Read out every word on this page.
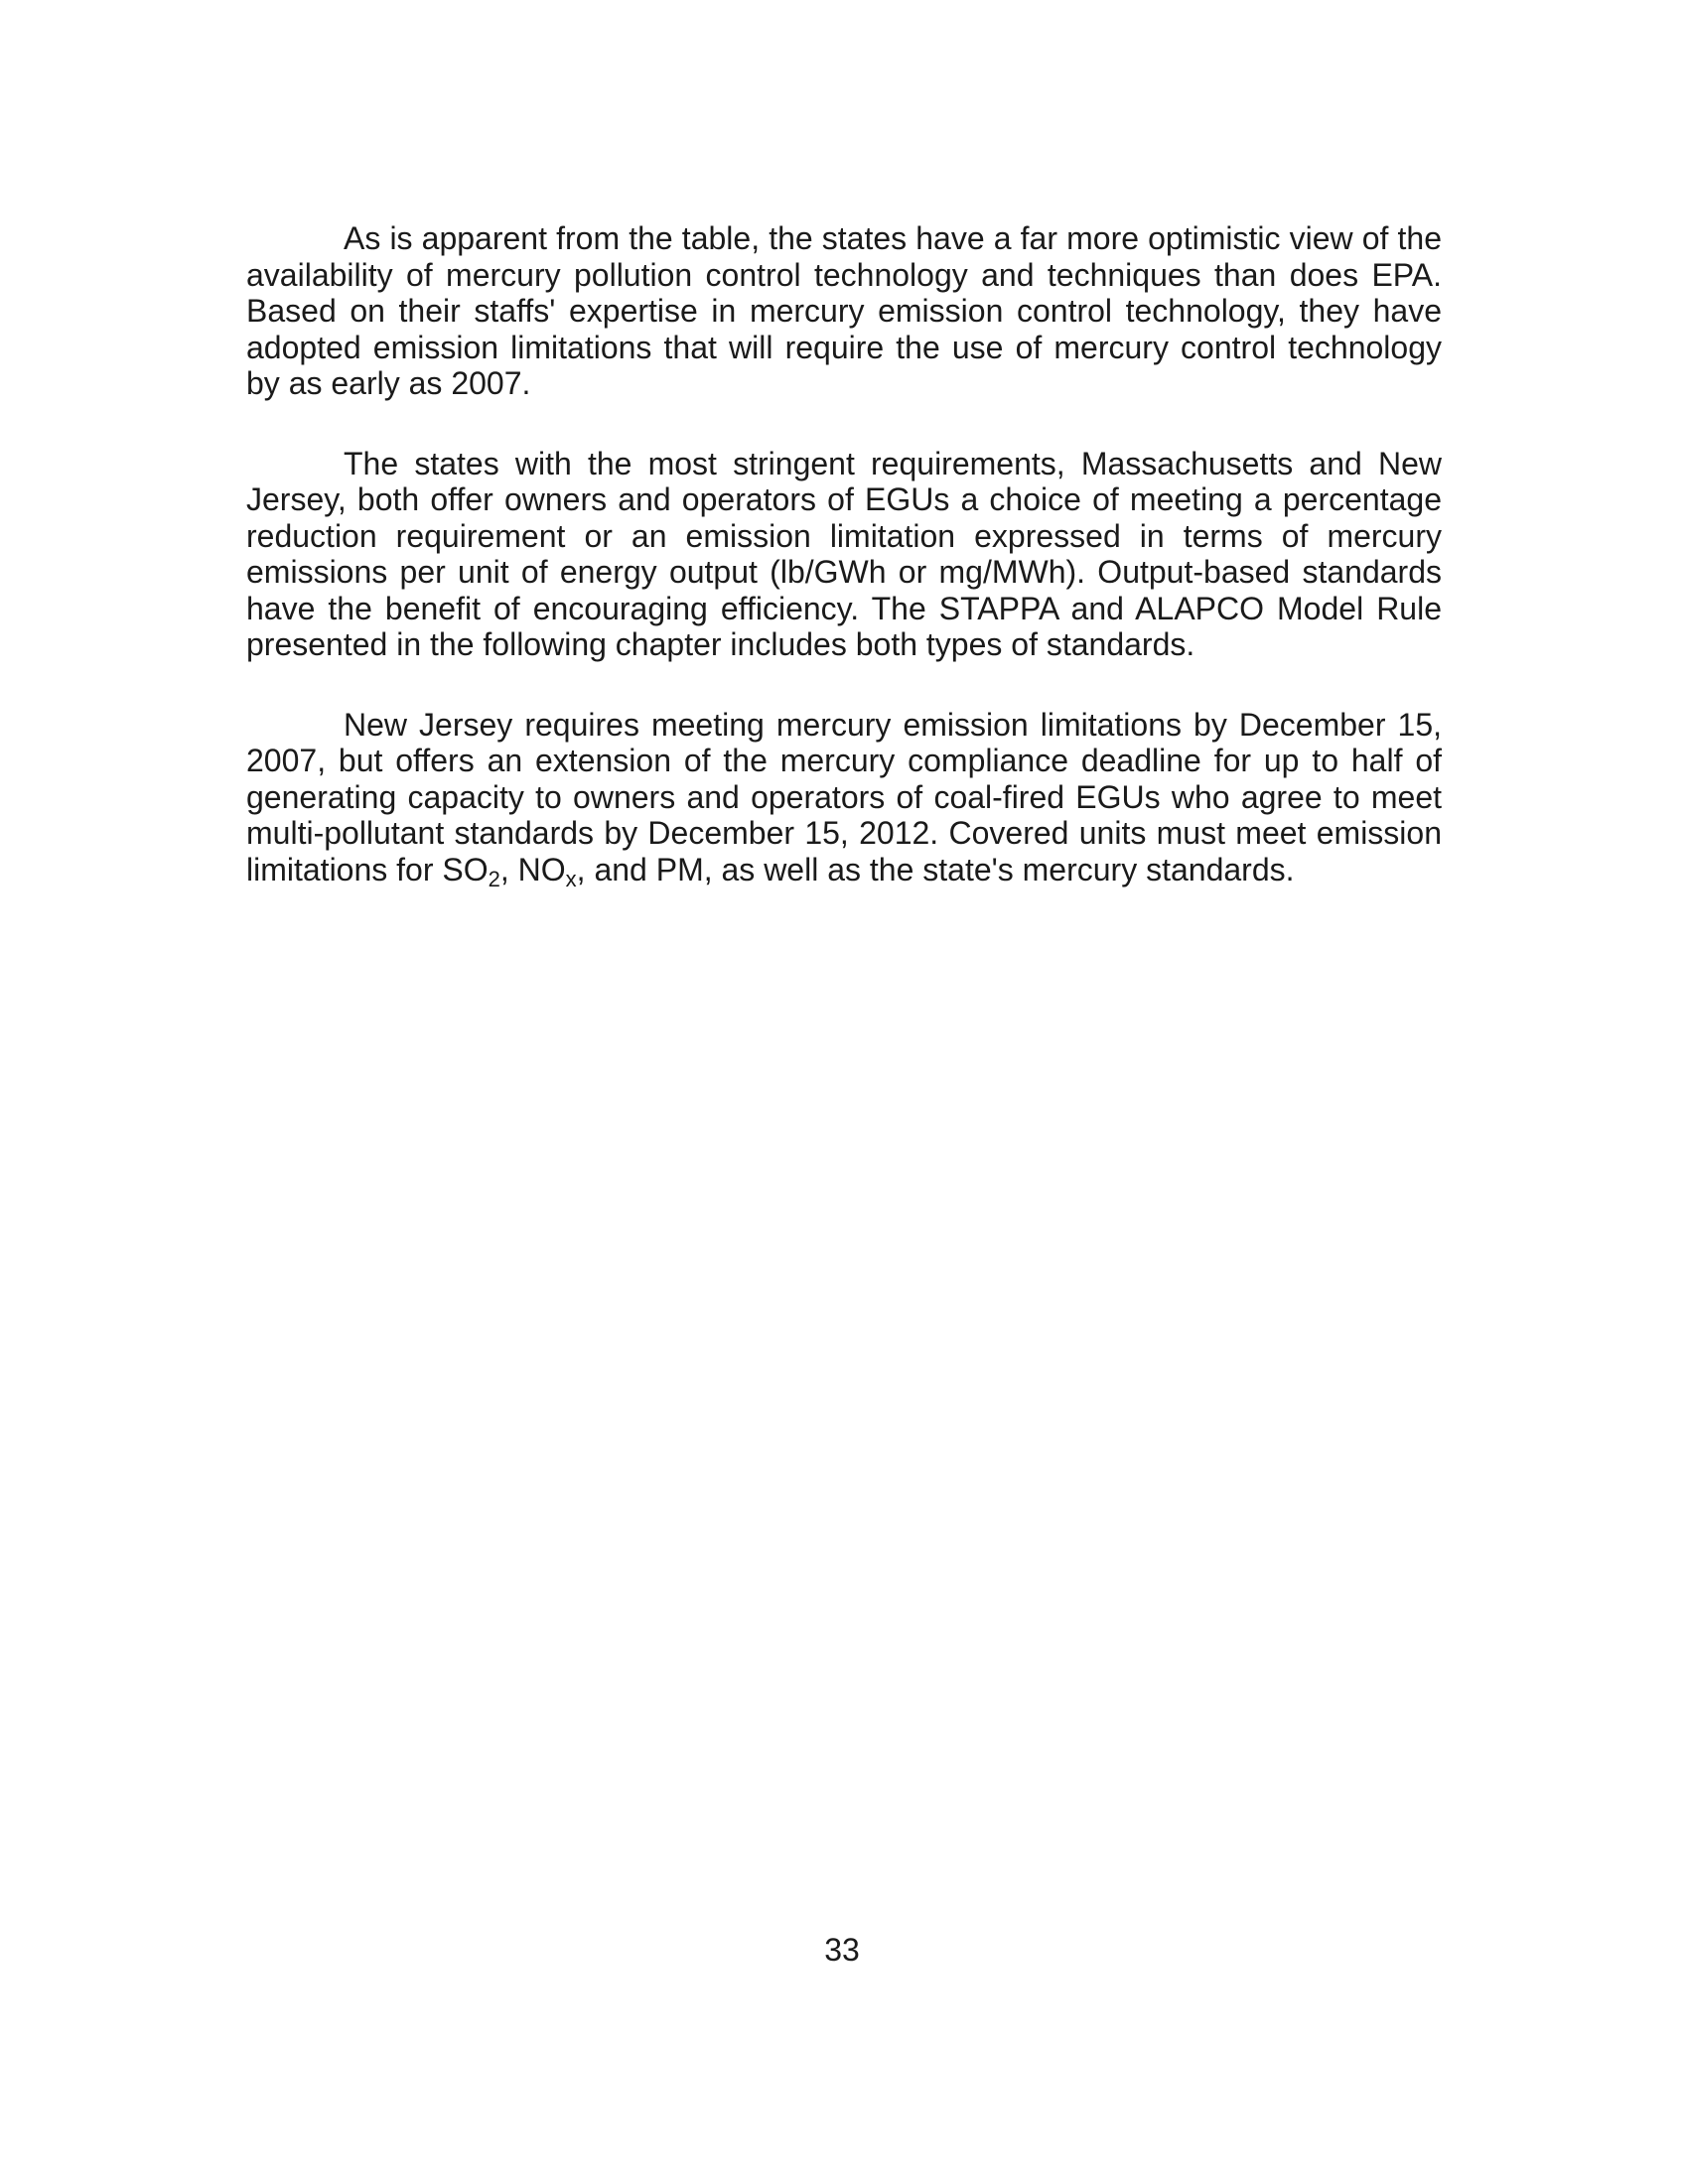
As is apparent from the table, the states have a far more optimistic view of the availability of mercury pollution control technology and techniques than does EPA. Based on their staffs' expertise in mercury emission control technology, they have adopted emission limitations that will require the use of mercury control technology by as early as 2007.

The states with the most stringent requirements, Massachusetts and New Jersey, both offer owners and operators of EGUs a choice of meeting a percentage reduction requirement or an emission limitation expressed in terms of mercury emissions per unit of energy output (lb/GWh or mg/MWh). Output-based standards have the benefit of encouraging efficiency. The STAPPA and ALAPCO Model Rule presented in the following chapter includes both types of standards.

New Jersey requires meeting mercury emission limitations by December 15, 2007, but offers an extension of the mercury compliance deadline for up to half of generating capacity to owners and operators of coal-fired EGUs who agree to meet multi-pollutant standards by December 15, 2012. Covered units must meet emission limitations for $SO_2$, $NO_x$, and PM, as well as the state's mercury standards.

33
